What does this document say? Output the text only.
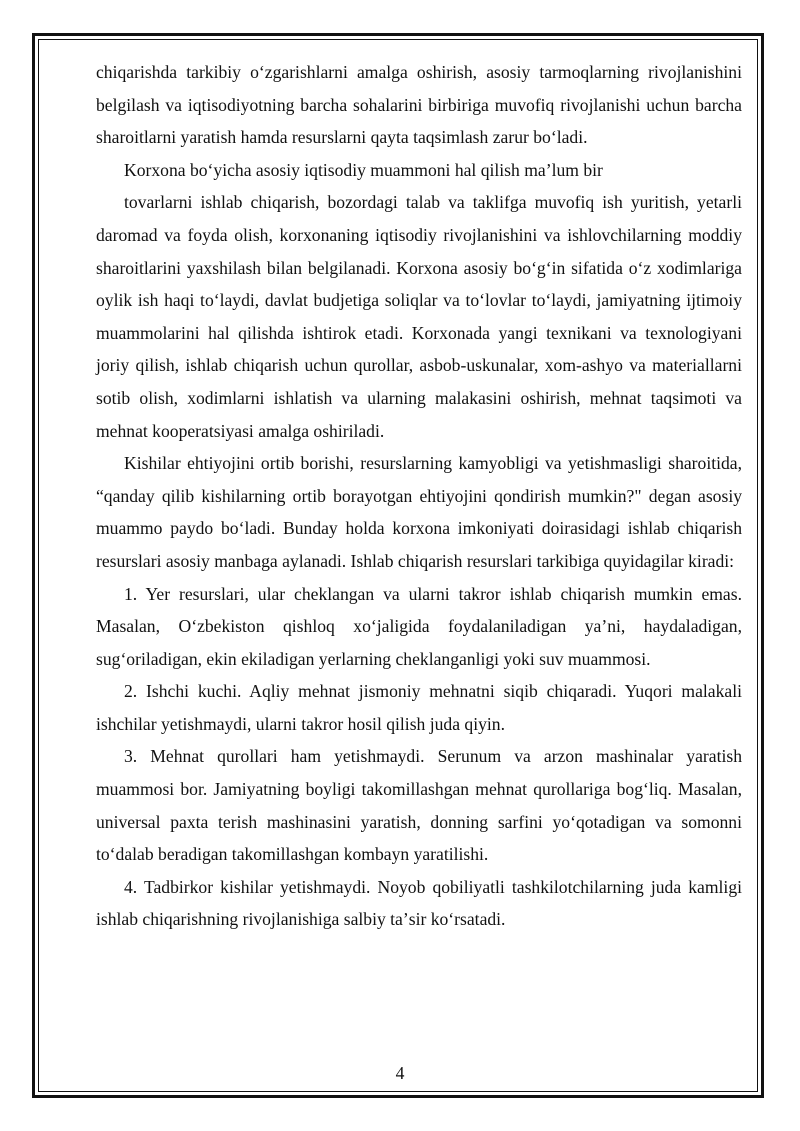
chiqarishda tarkibiy oʻzgarishlarni amalga oshirish, asosiy tarmoqlarning rivojlanishini belgilash va iqtisodiyotning barcha sohalarini birbiriga muvofiq rivojlanishi uchun barcha sharoitlarni yaratish hamda resurslarni qayta taqsimlash zarur boʻladi.

Korxona boʻyicha asosiy iqtisodiy muammoni hal qilish maʼlum bir

tovarlarni ishlab chiqarish, bozordagi talab va taklifga muvofiq ish yuritish, yetarli daromad va foyda olish, korxonaning iqtisodiy rivojlanishini va ishlovchilarning moddiy sharoitlarini yaxshilash bilan belgilanadi. Korxona asosiy boʻgʻin sifatida oʻz xodimlariga oylik ish haqi toʻlaydi, davlat budjetiga soliqlar va toʻlovlar toʻlaydi, jamiyatning ijtimoiy muammolarini hal qilishda ishtirok etadi. Korxonada yangi texnikani va texnologiyani joriy qilish, ishlab chiqarish uchun qurollar, asbob-uskunalar, xom-ashyo va materiallarni sotib olish, xodimlarni ishlatish va ularning malakasini oshirish, mehnat taqsimoti va mehnat kooperatsiyasi amalga oshiriladi.

Kishilar ehtiyojini ortib borishi, resurslarning kamyobligi va yetishmasligi sharoitida, “qanday qilib kishilarning ortib borayotgan ehtiyojini qondirish mumkin?" degan asosiy muammo paydo boʻladi. Bunday holda korxona imkoniyati doirasidagi ishlab chiqarish resurslari asosiy manbaga aylanadi. Ishlab chiqarish resurslari tarkibiga quyidagilar kiradi:

1. Yer resurslari, ular cheklangan va ularni takror ishlab chiqarish mumkin emas. Masalan, Oʻzbekiston qishloq xoʻjaligida foydalaniladigan yaʼni, haydaladigan, sugʻoriladigan, ekin ekiladigan yerlarning cheklanganligi yoki suv muammosi.

2. Ishchi kuchi. Aqliy mehnat jismoniy mehnatni siqib chiqaradi. Yuqori malakali ishchilar yetishmaydi, ularni takror hosil qilish juda qiyin.

3. Mehnat qurollari ham yetishmaydi. Serunum va arzon mashinalar yaratish muammosi bor. Jamiyatning boyligi takomillashgan mehnat qurollariga bogʻliq. Masalan, universal paxta terish mashinasini yaratish, donning sarfini yoʻqotadigan va somonni toʻdalab beradigan takomillashgan kombayn yaratilishi.

4. Tadbirkor kishilar yetishmaydi. Noyob qobiliyatli tashkilotchilarning juda kamligi ishlab chiqarishning rivojlanishiga salbiy taʼsir koʻrsatadi.

4
